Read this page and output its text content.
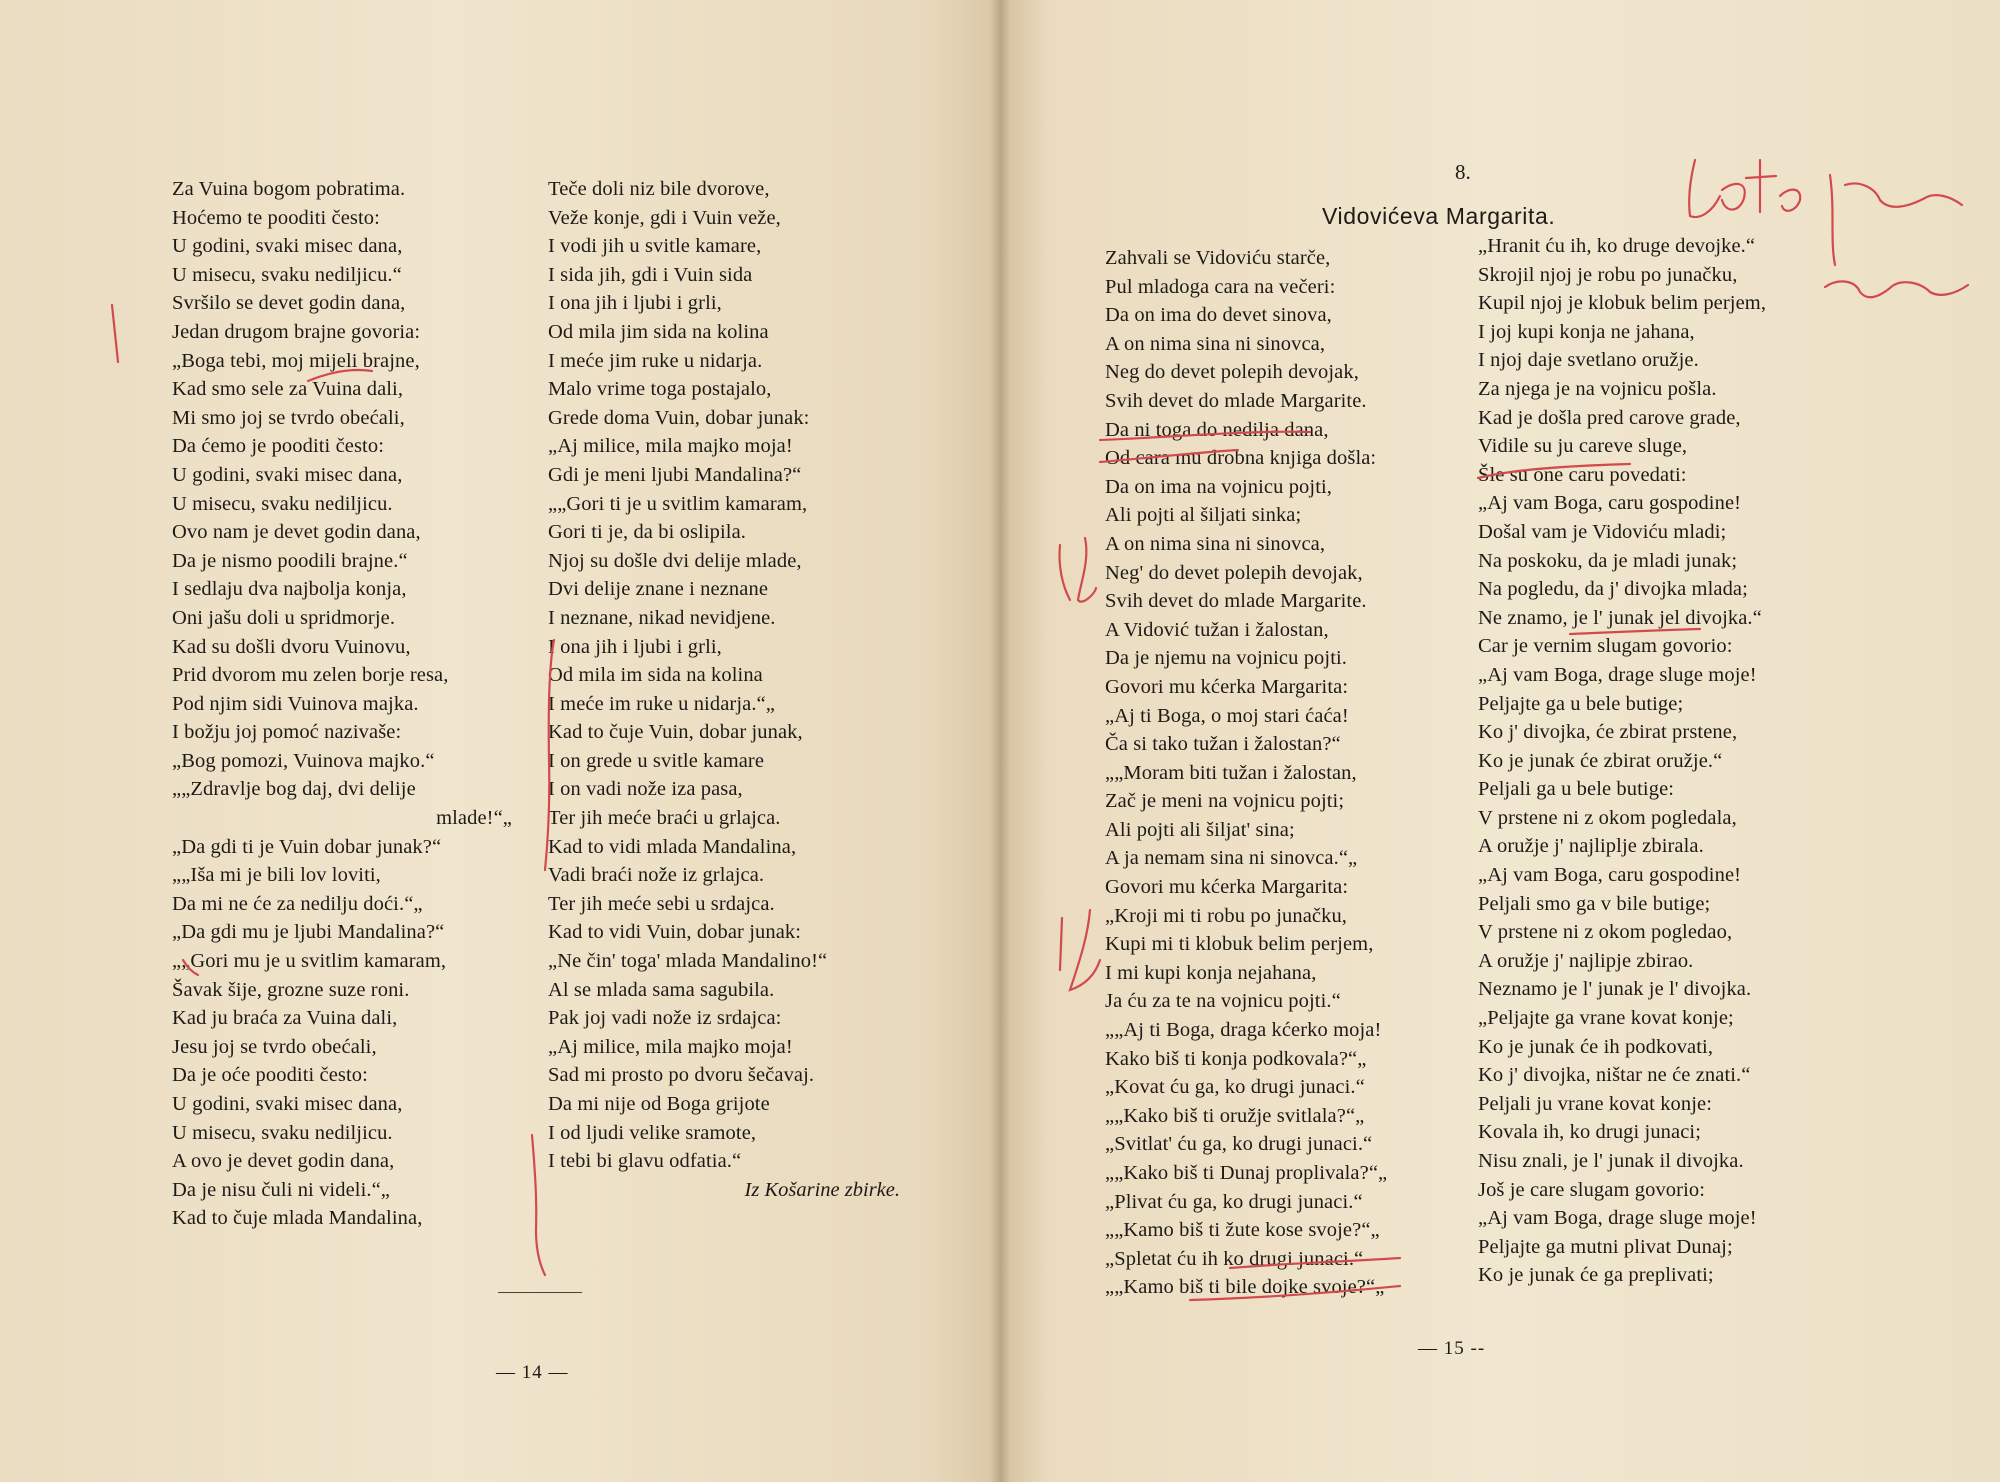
Za Vuina bogom pobratima.
Hoćemo te pooditi često:
U godini, svaki misec dana,
U misecu, svaku nediljicu.“
Svršilo se devet godin dana,
Jedan drugom brajne govoria:
„Boga tebi, moj mijeli brajne,
Kad smo sele za Vuina dali,
Mi smo joj se tvrdo obećali,
Da ćemo je pooditi često:
U godini, svaki misec dana,
U misecu, svaku nediljicu.
Ovo nam je devet godin dana,
Da je nismo poodili brajne.“
I sedlaju dva najbolja konja,
Oni jašu doli u spridmorje.
Kad su došli dvoru Vuinovu,
Prid dvorom mu zelen borje resa,
Pod njim sidi Vuinova majka.
I božju joj pomoć nazivaše:
„Bog pomozi, Vuinova majko.“
„„Zdravlje bog daj, dvi delije
mlade!“„
„Da gdi ti je Vuin dobar junak?“
„„Iša mi je bili lov loviti,
Da mi ne će za nedilju doći.“„
„Da gdi mu je ljubi Mandalina?“
„„Gori mu je u svitlim kamaram,
Šavak šije, grozne suze roni.
Kad ju braća za Vuina dali,
Jesu joj se tvrdo obećali,
Da je oće pooditi često:
U godini, svaki misec dana,
U misecu, svaku nediljicu.
A ovo je devet godin dana,
Da je nisu čuli ni videli.“„
Kad to čuje mlada Mandalina,
Teče doli niz bile dvorove,
Veže konje, gdi i Vuin veže,
I vodi jih u svitle kamare,
I sida jih, gdi i Vuin sida
I ona jih i ljubi i grli,
Od mila jim sida na kolina
I meće jim ruke u nidarja.
Malo vrime toga postajalo,
Grede doma Vuin, dobar junak:
„Aj milice, mila majko moja!
Gdi je meni ljubi Mandalina?“
„„Gori ti je u svitlim kamaram,
Gori ti je, da bi oslipila.
Njoj su došle dvi delije mlade,
Dvi delije znane i neznane
I neznane, nikad nevidjene.
I ona jih i ljubi i grli,
Od mila im sida na kolina
I meće im ruke u nidarja.“„
Kad to čuje Vuin, dobar junak,
I on grede u svitle kamare
I on vadi nože iza pasa,
Ter jih meće braći u grlajca.
Kad to vidi mlada Mandalina,
Vadi braći nože iz grlajca.
Ter jih meće sebi u srdajca.
Kad to vidi Vuin, dobar junak:
„Ne čin' toga' mlada Mandalino!“
Al se mlada sama sagubila.
Pak joj vadi nože iz srdajca:
„Aj milice, mila majko moja!
Sad mi prosto po dvoru šečavaj.
Da mi nije od Boga grijote
I od ljudi velike sramote,
I tebi bi glavu odfatia.“
Iz Košarine zbirke.
— 14 —
8.
Vidovićeva Margarita.
Zahvali se Vidoviću starče,
Pul mladoga cara na večeri:
Da on ima do devet sinova,
A on nima sina ni sinovca,
Neg do devet polepih devojak,
Svih devet do mlade Margarite.
Da ni toga do nedilja dana,
Od cara mu drobna knjiga došla:
Da on ima na vojnicu pojti,
Ali pojti al šiljati sinka;
A on nima sina ni sinovca,
Neg' do devet polepih devojak,
Svih devet do mlade Margarite.
A Vidović tužan i žalostan,
Da je njemu na vojnicu pojti.
Govori mu kćerka Margarita:
„Aj ti Boga, o moj stari ćaća!
Ča si tako tužan i žalostan?“
„„Moram biti tužan i žalostan,
Zač je meni na vojnicu pojti;
Ali pojti ali šiljat' sina;
A ja nemam sina ni sinovca.“„
Govori mu kćerka Margarita:
„Kroji mi ti robu po junačku,
Kupi mi ti klobuk belim perjem,
I mi kupi konja nejahana,
Ja ću za te na vojnicu pojti.“
„„Aj ti Boga, draga kćerko moja!
Kako biš ti konja podkovala?“„
„Kovat ću ga, ko drugi junaci.“
„„Kako biš ti oružje svitlala?“„
„Svitlat' ću ga, ko drugi junaci.“
„„Kako biš ti Dunaj proplivala?“„
„Plivat ću ga, ko drugi junaci.“
„„Kamo biš ti žute kose svoje?“„
„Spletat ću ih ko drugi junaci.“
„„Kamo biš ti bile dojke svoje?“„
„Hranit ću ih, ko druge devojke.“
Skrojil njoj je robu po junačku,
Kupil njoj je klobuk belim perjem,
I joj kupi konja ne jahana,
I njoj daje svetlano oružje.
Za njega je na vojnicu pošla.
Kad je došla pred carove grade,
Vidile su ju careve sluge,
Šle su one caru povedati:
„Aj vam Boga, caru gospodine!
Došal vam je Vidoviću mladi;
Na poskoku, da je mladi junak;
Na pogledu, da j' divojka mlada;
Ne znamo, je l' junak jel divojka.“
Car je vernim slugam govorio:
„Aj vam Boga, drage sluge moje!
Peljajte ga u bele butige;
Ko j' divojka, će zbirat prstene,
Ko je junak će zbirat oružje.“
Peljali ga u bele butige:
V prstene ni z okom pogledala,
A oružje j' najliplje zbirala.
„Aj vam Boga, caru gospodine!
Peljali smo ga v bile butige;
V prstene ni z okom pogledao,
A oružje j' najlipje zbirao.
Neznamo je l' junak je l' divojka.
„Peljajte ga vrane kovat konje;
Ko je junak će ih podkovati,
Ko j' divojka, ništar ne će znati.“
Peljali ju vrane kovat konje:
Kovala ih, ko drugi junaci;
Nisu znali, je l' junak il divojka.
Još je care slugam govorio:
„Aj vam Boga, drage sluge moje!
Peljajte ga mutni plivat Dunaj;
Ko je junak će ga preplivati;
— 15 --
